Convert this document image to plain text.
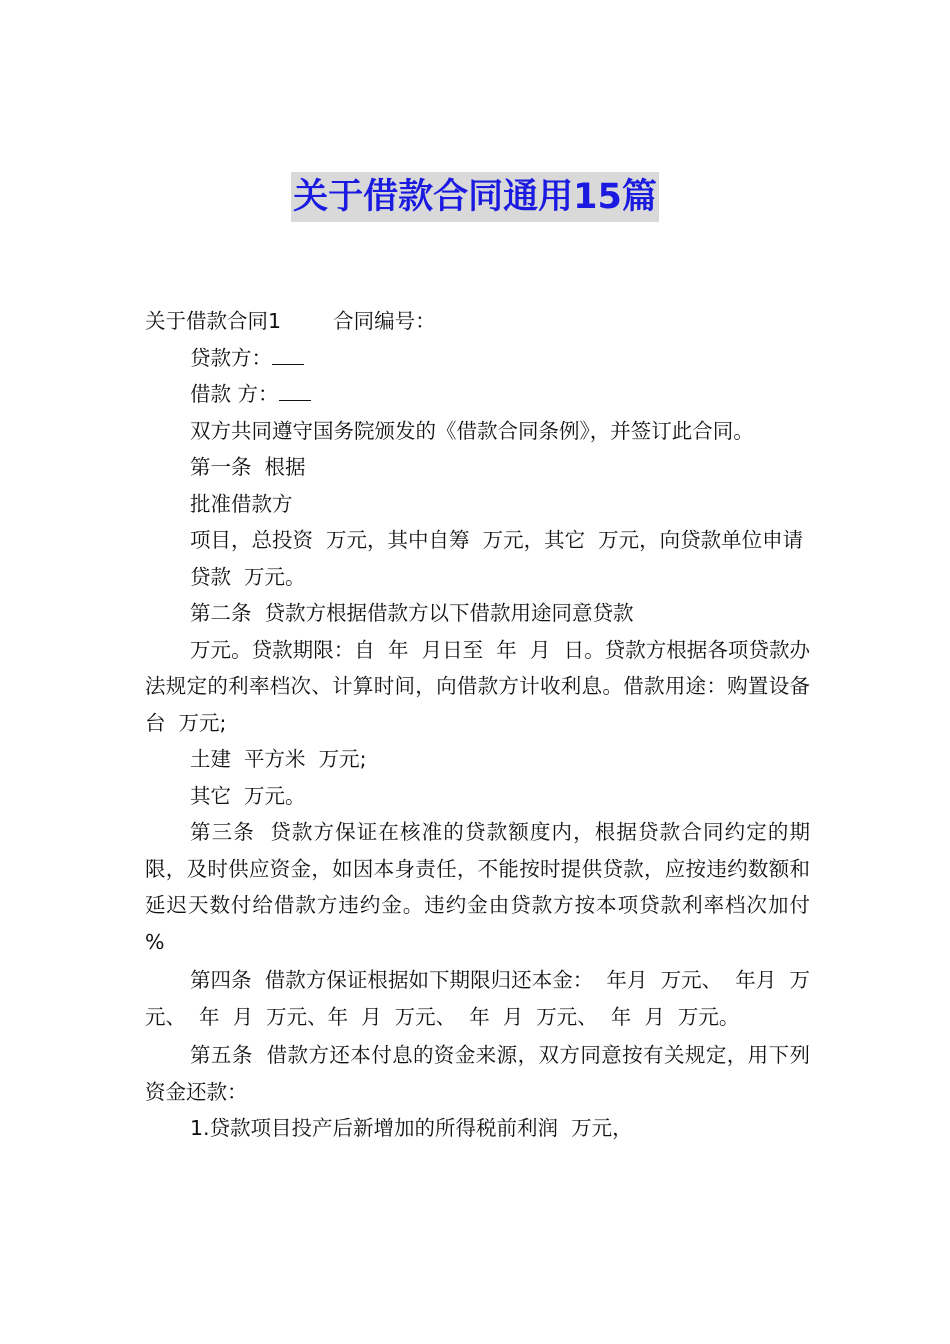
关于借款合同通用15篇

关于借款合同1        合同编号：

贷款方：

借款 方：

双方共同遵守国务院颁发的《借款合同条例》，并签订此合同。

第一条  根据

批准借款方

项目，总投资  万元，其中自筹  万元，其它  万元，向贷款单位申请

贷款  万元。

第二条  贷款方根据借款方以下借款用途同意贷款

万元。贷款期限：自  年  月日至  年  月  日。贷款方根据各项贷款办法规定的利率档次、计算时间，向借款方计收利息。借款用途：购置设备  台  万元;

土建  平方米  万元;

其它  万元。

第三条  贷款方保证在核准的贷款额度内，根据贷款合同约定的期限，及时供应资金，如因本身责任，不能按时提供贷款，应按违约数额和延迟天数付给借款方违约金。违约金由贷款方按本项贷款利率档次加付  %

第四条  借款方保证根据如下期限归还本金：  年月  万元、  年月  万元、  年  月  万元、年  月  万元、  年  月  万元、  年  月  万元。

第五条  借款方还本付息的资金来源，双方同意按有关规定，用下列资金还款：

1.贷款项目投产后新增加的所得税前利润  万元，
